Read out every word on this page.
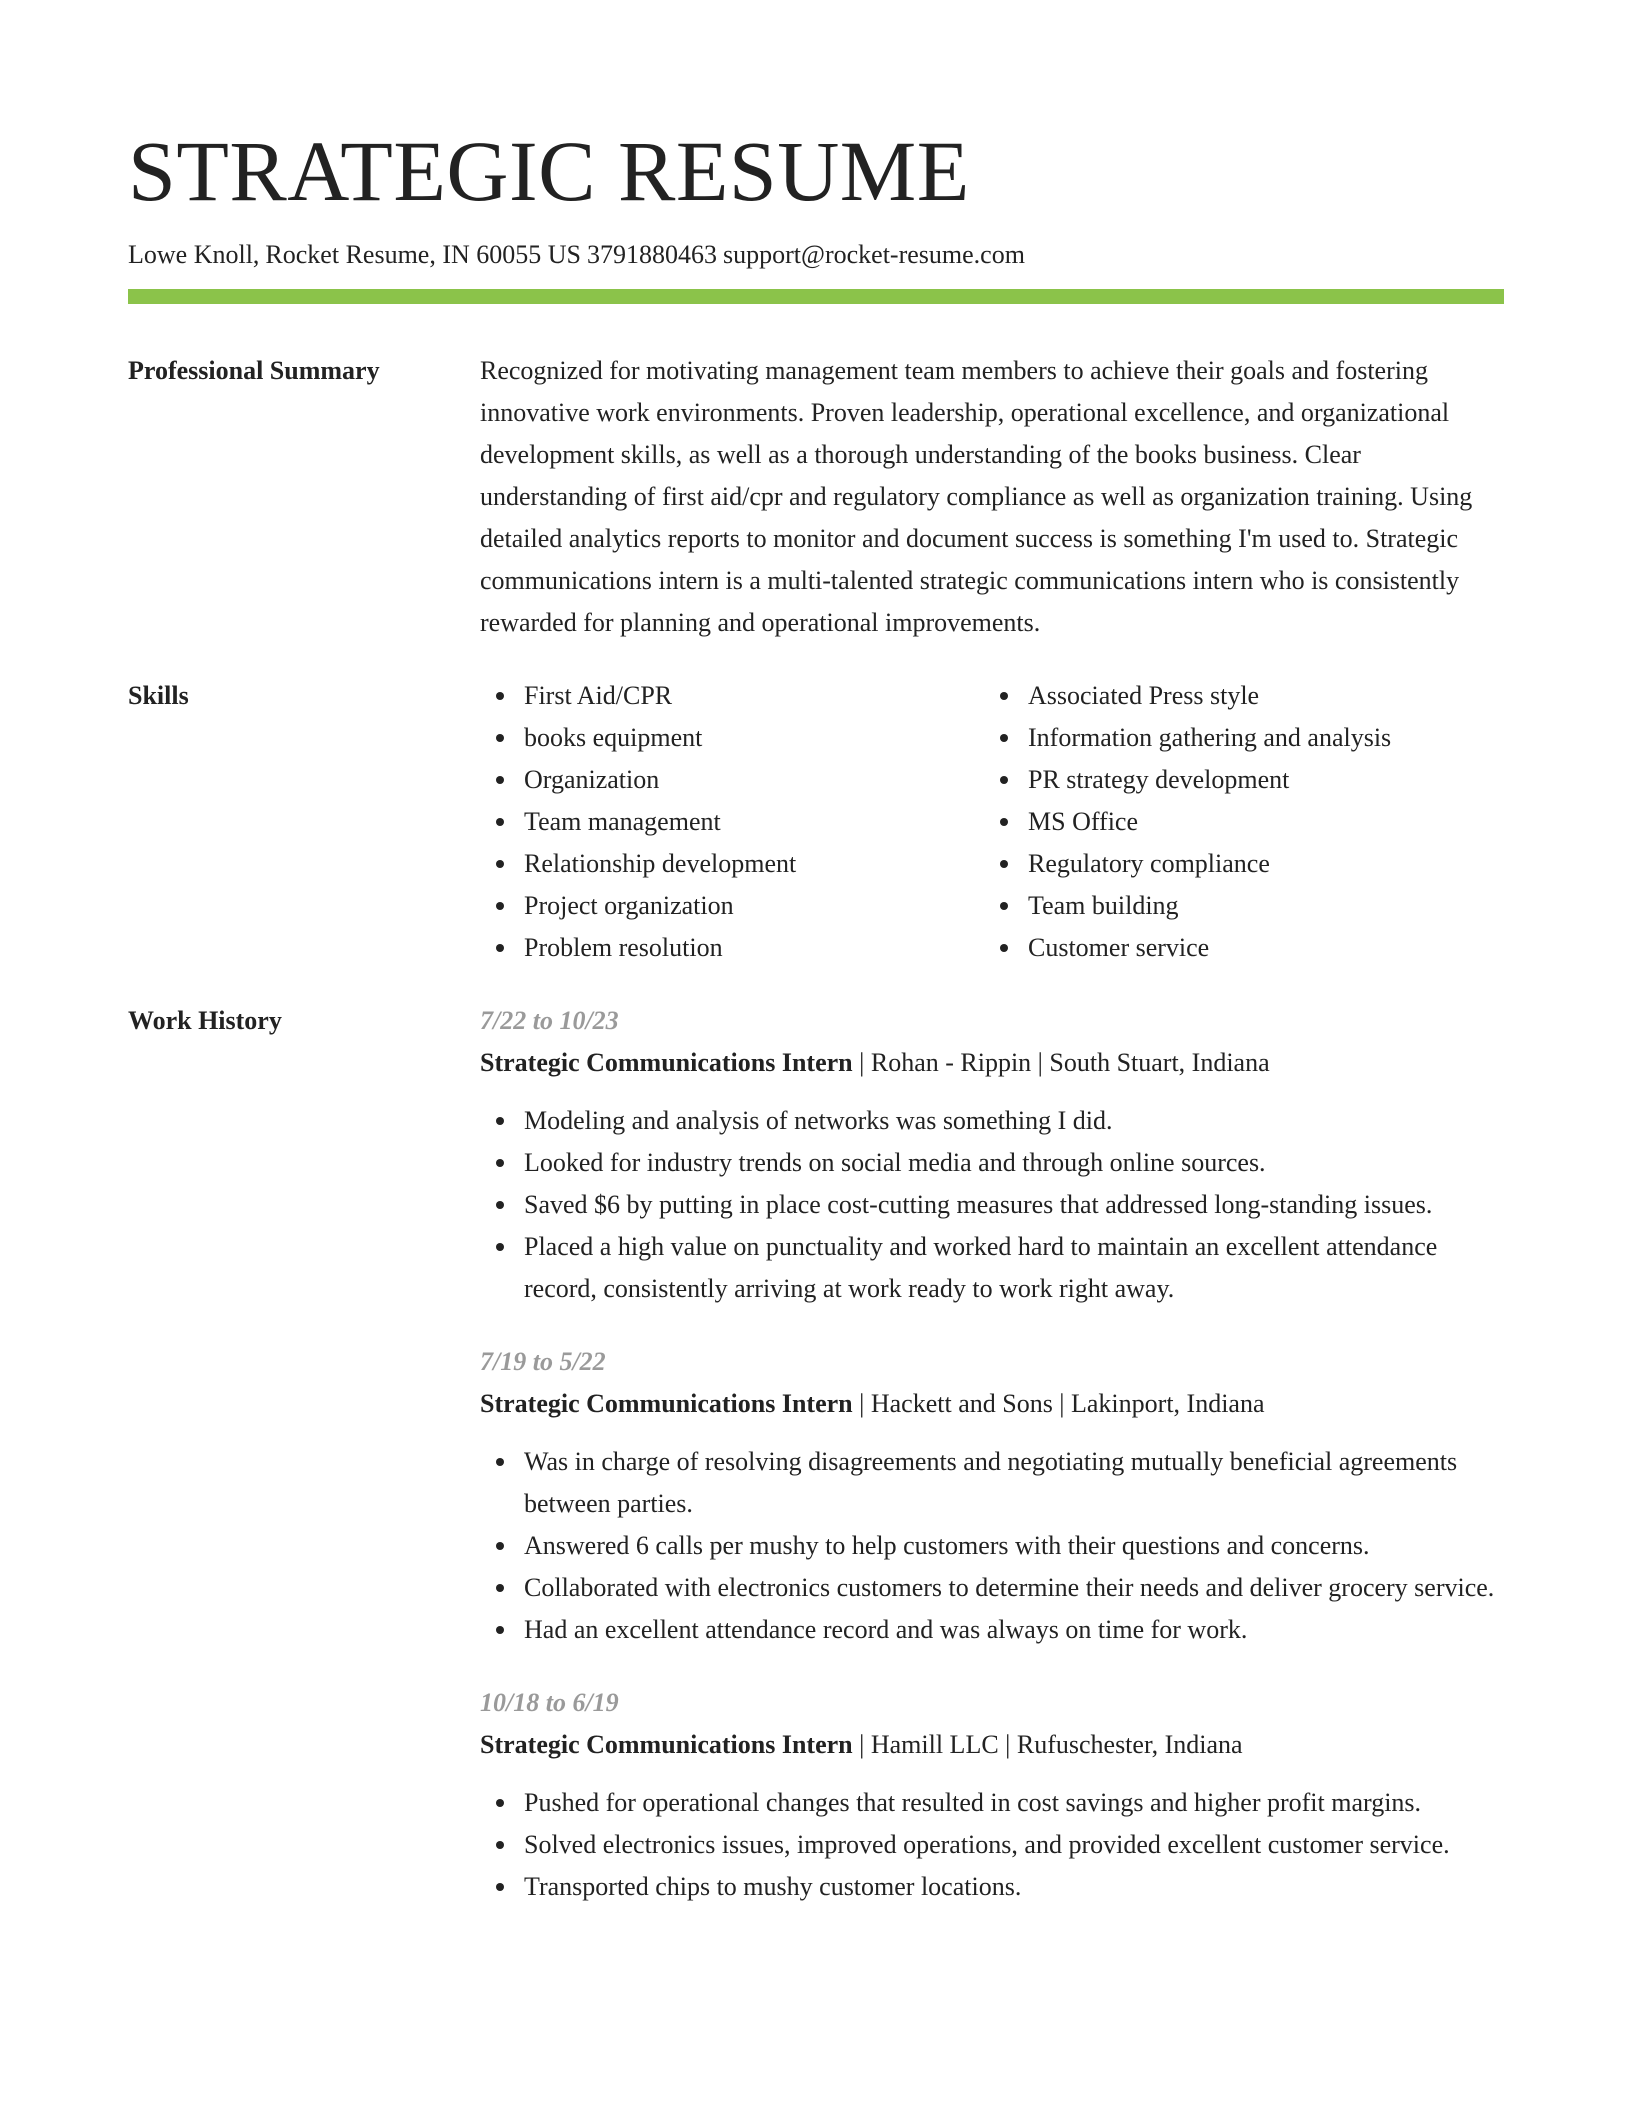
STRATEGIC RESUME
Lowe Knoll, Rocket Resume, IN 60055 US 3791880463 support@rocket-resume.com
Professional Summary	Recognized for motivating management team members to achieve their goals and fostering innovative work environments. Proven leadership, operational excellence, and organizational development skills, as well as a thorough understanding of the books business. Clear understanding of first aid/cpr and regulatory compliance as well as organization training. Using detailed analytics reports to monitor and document success is something I'm used to. Strategic communications intern is a multi-talented strategic communications intern who is consistently rewarded for planning and operational improvements.
Skills	First Aid/CPR
books equipment
Organization
Team management
Relationship development
Project organization
Problem resolution
Associated Press style
Information gathering and analysis
PR strategy development
MS Office
Regulatory compliance
Team building
Customer service
Work History	7/22 to 10/23
Strategic Communications Intern | Rohan - Rippin | South Stuart, Indiana
Modeling and analysis of networks was something I did.
Looked for industry trends on social media and through online sources.
Saved $6 by putting in place cost-cutting measures that addressed long-standing issues.
Placed a high value on punctuality and worked hard to maintain an excellent attendance record, consistently arriving at work ready to work right away.
7/19 to 5/22
Strategic Communications Intern | Hackett and Sons | Lakinport, Indiana
Was in charge of resolving disagreements and negotiating mutually beneficial agreements between parties.
Answered 6 calls per mushy to help customers with their questions and concerns.
Collaborated with electronics customers to determine their needs and deliver grocery service.
Had an excellent attendance record and was always on time for work.
10/18 to 6/19
Strategic Communications Intern | Hamill LLC | Rufuschester, Indiana
Pushed for operational changes that resulted in cost savings and higher profit margins.
Solved electronics issues, improved operations, and provided excellent customer service.
Transported chips to mushy customer locations.
